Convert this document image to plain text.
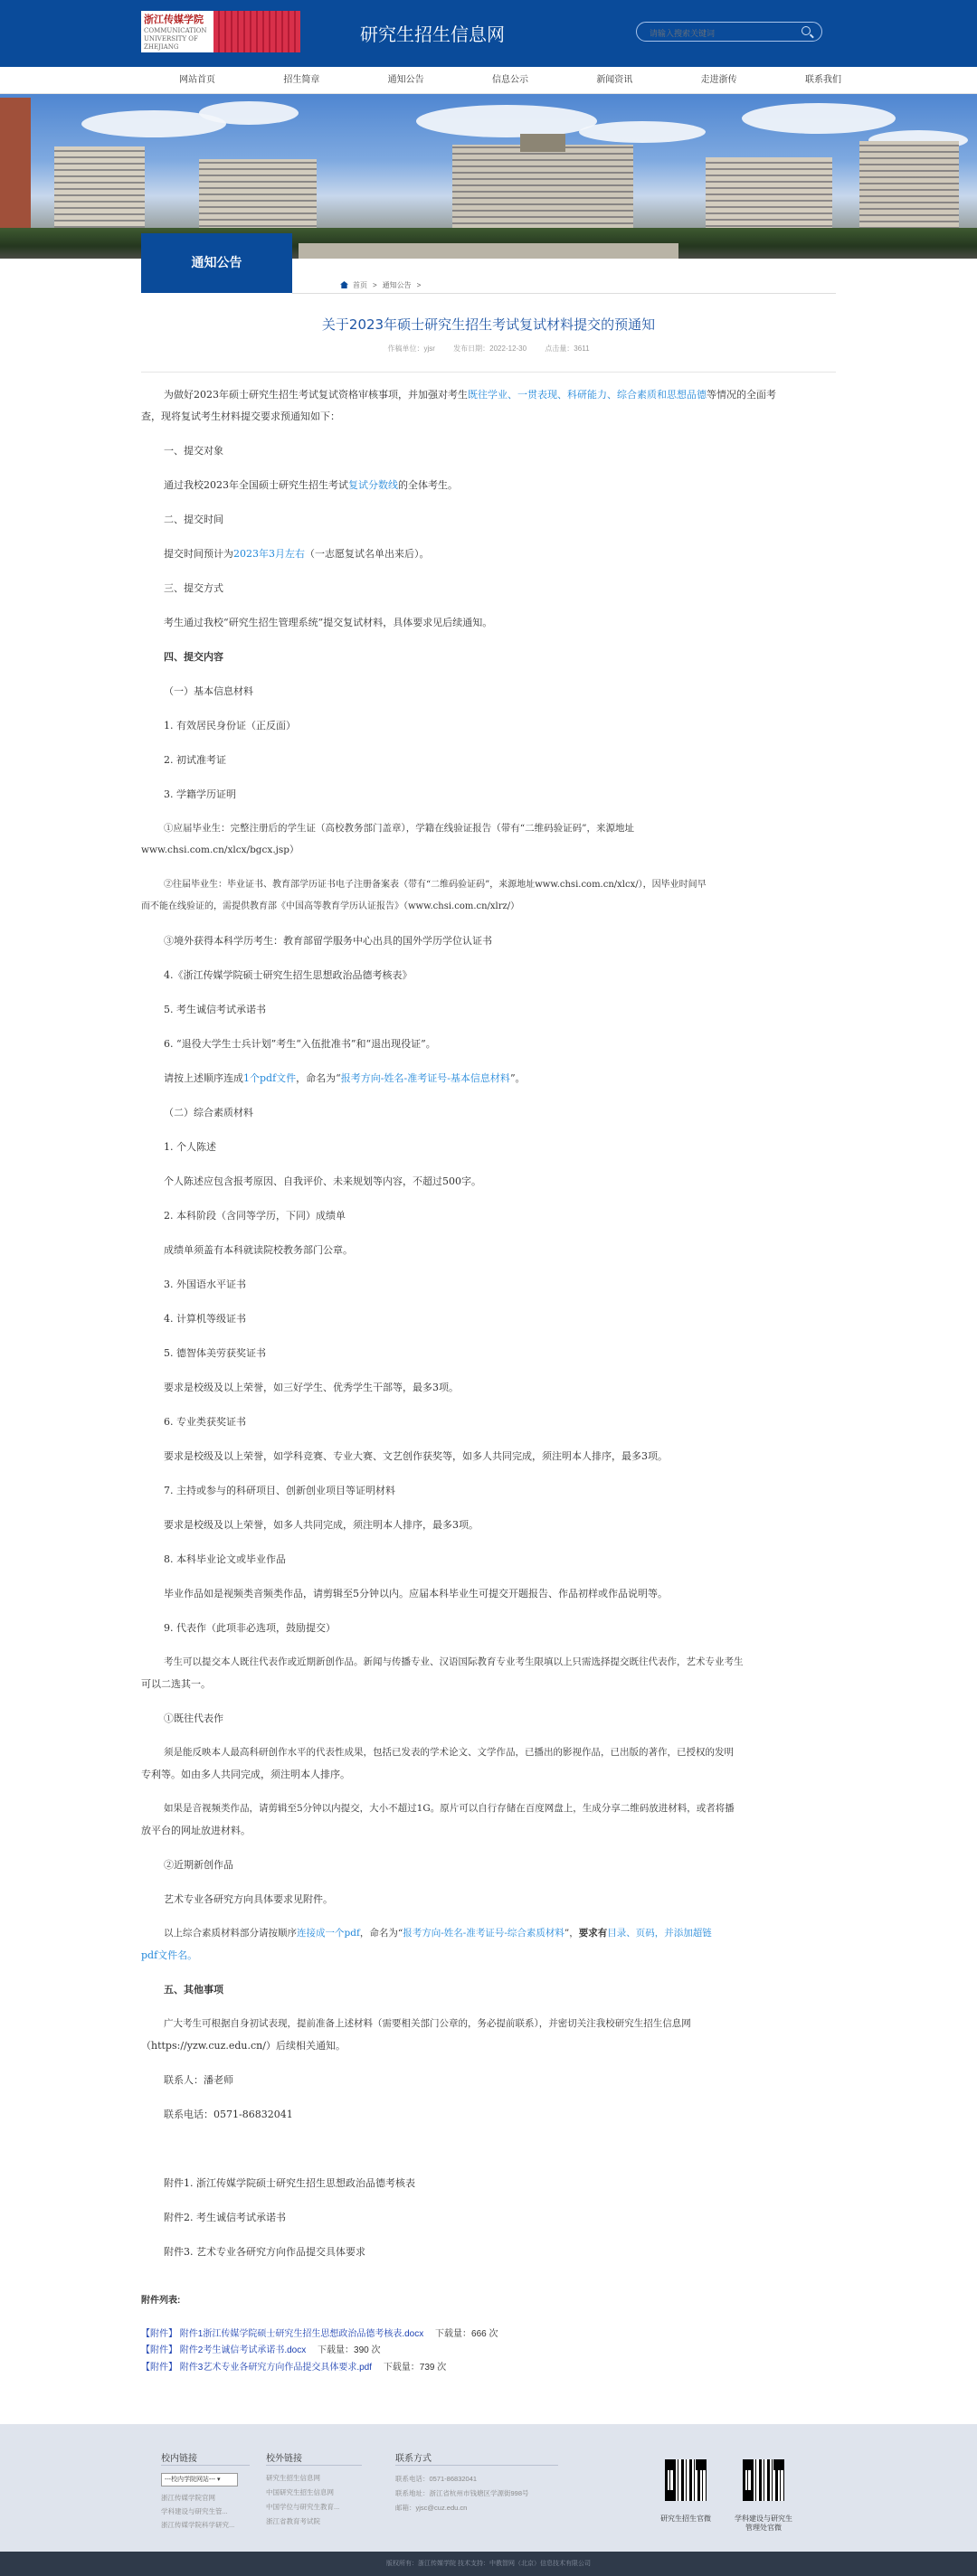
浙江传媒学院
COMMUNICATION UNIVERSITY OF ZHEJIANG
研究生招生信息网
请输入搜索关键词
网站首页	招生简章	通知公告	信息公示	新闻资讯	走进浙传	联系我们
通知公告
首页 > 通知公告 >
关于2023年硕士研究生招生考试复试材料提交的预通知
作稿单位：yjsr	发布日期：2022-12-30	点击量：3611
为做好2023年硕士研究生招生考试复试资格审核事项，并加强对考生既往学业、一贯表现、科研能力、综合素质和思想品德等情况的全面考
查，现将复试考生材料提交要求预通知如下：
一、提交对象
通过我校2023年全国硕士研究生招生考试复试分数线的全体考生。
二、提交时间
提交时间预计为2023年3月左右（一志愿复试名单出来后）。
三、提交方式
考生通过我校“研究生招生管理系统”提交复试材料，具体要求见后续通知。
四、提交内容
（一）基本信息材料
1. 有效居民身份证（正反面）
2. 初试准考证
3. 学籍学历证明
①应届毕业生：完整注册后的学生证（高校教务部门盖章），学籍在线验证报告（带有“二维码验证码”，来源地址
www.chsi.com.cn/xlcx/bgcx.jsp）
②往届毕业生：毕业证书、教育部学历证书电子注册备案表（带有“二维码验证码”，来源地址www.chsi.com.cn/xlcx/），因毕业时间早
而不能在线验证的，需提供教育部《中国高等教育学历认证报告》（www.chsi.com.cn/xlrz/）
③境外获得本科学历考生：教育部留学服务中心出具的国外学历学位认证书
4.《浙江传媒学院硕士研究生招生思想政治品德考核表》
5. 考生诚信考试承诺书
6. “退役大学生士兵计划”考生“入伍批准书”和“退出现役证”。
请按上述顺序连成1个pdf文件，命名为“报考方向-姓名-准考证号-基本信息材料”。
（二）综合素质材料
1. 个人陈述
个人陈述应包含报考原因、自我评价、未来规划等内容，不超过500字。
2. 本科阶段（含同等学历，下同）成绩单
成绩单须盖有本科就读院校教务部门公章。
3. 外国语水平证书
4. 计算机等级证书
5. 德智体美劳获奖证书
要求是校级及以上荣誉，如三好学生、优秀学生干部等，最多3项。
6. 专业类获奖证书
要求是校级及以上荣誉，如学科竞赛、专业大赛、文艺创作获奖等，如多人共同完成，须注明本人排序，最多3项。
7. 主持或参与的科研项目、创新创业项目等证明材料
要求是校级及以上荣誉，如多人共同完成，须注明本人排序，最多3项。
8. 本科毕业论文或毕业作品
毕业作品如是视频类音频类作品，请剪辑至5分钟以内。应届本科毕业生可提交开题报告、作品初样或作品说明等。
9. 代表作（此项非必选项，鼓励提交）
考生可以提交本人既往代表作或近期新创作品。新闻与传播专业、汉语国际教育专业考生限填以上只需选择提交既往代表作，艺术专业考生
可以二选其一。
①既往代表作
须是能反映本人最高科研创作水平的代表性成果，包括已发表的学术论文、文学作品，已播出的影视作品，已出版的著作，已授权的发明
专利等。如由多人共同完成，须注明本人排序。
如果是音视频类作品，请剪辑至5分钟以内提交，大小不超过1G。原片可以自行存储在百度网盘上，生成分享二维码放进材料，或者将播
放平台的网址放进材料。
②近期新创作品
艺术专业各研究方向具体要求见附件。
以上综合素质材料部分请按顺序连接成一个pdf，命名为“报考方向-姓名-准考证号-综合素质材料”，要求有目录、页码，并添加超链
pdf文件名。
五、其他事项
广大考生可根据自身初试表现，提前准备上述材料（需要相关部门公章的，务必提前联系），并密切关注我校研究生招生信息网
（https://yzw.cuz.edu.cn/）后续相关通知。
联系人：潘老师
联系电话：0571-86832041
附件1. 浙江传媒学院硕士研究生招生思想政治品德考核表
附件2. 考生诚信考试承诺书
附件3. 艺术专业各研究方向作品提交具体要求
附件列表:
【附件】 附件1浙江传媒学院硕士研究生招生思想政治品德考核表.docx 下载量：666 次
【附件】 附件2考生诚信考试承诺书.docx 下载量：390 次
【附件】 附件3艺术专业各研究方向作品提交具体要求.pdf 下载量：739 次
校内链接
---校内学院网站--- ▾
浙江传媒学院官网
学科建设与研究生管...
浙江传媒学院科学研究...
校外链接
研究生招生信息网
中国研究生招生信息网
中国学位与研究生教育...
浙江省教育考试院
联系方式
联系电话：0571-86832041
联系地址：浙江省杭州市钱塘区学源街998号
邮箱：yjsc@cuz.edu.cn
研究生招生官微	学科建设与研究生
管理处官微
版权所有：浙江传媒学院 技术支持：中教智网（北京）信息技术有限公司
